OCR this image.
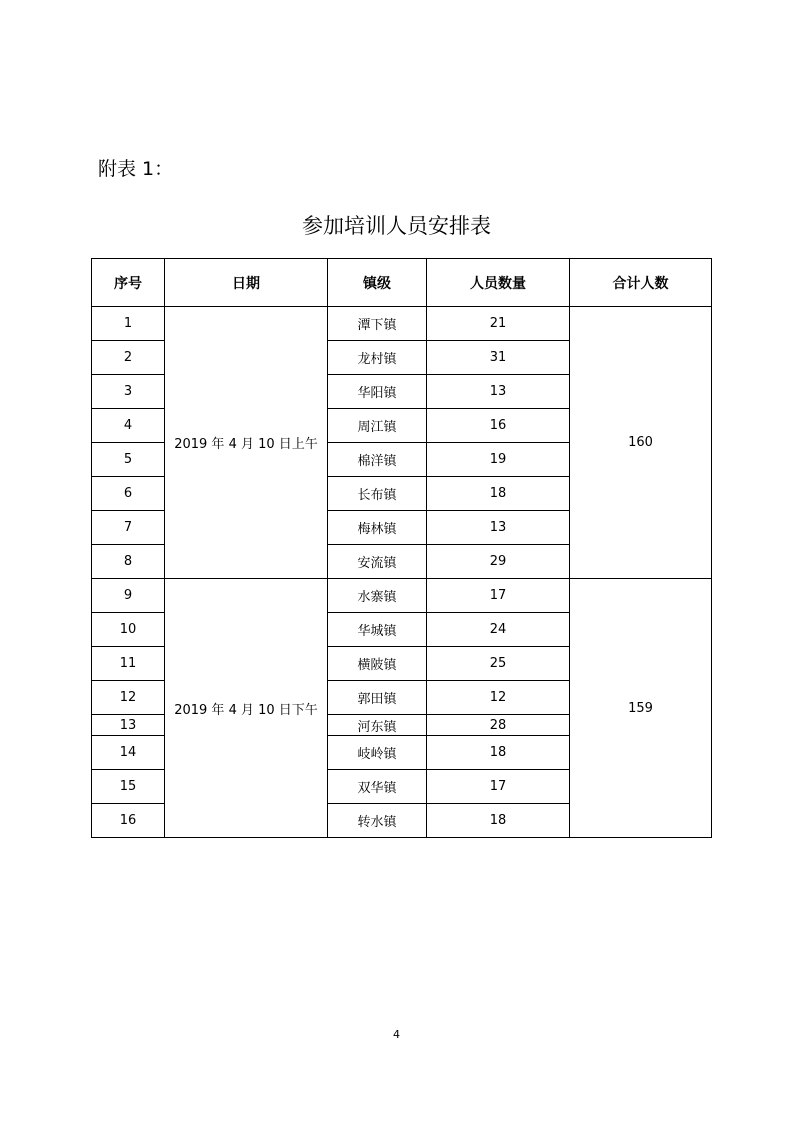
附表 1：
参加培训人员安排表
序号	日期	镇级	人员数量	合计人数
1	2019 年 4 月 10 日上午	潭下镇	21	160
2		龙村镇	31	
3		华阳镇	13	
4		周江镇	16	
5		棉洋镇	19	
6		长布镇	18	
7		梅林镇	13	
8		安流镇	29	
9	2019 年 4 月 10 日下午	水寨镇	17	159
10		华城镇	24	
11		横陂镇	25	
12		郭田镇	12	
13		河东镇	28	
14		岐岭镇	18	
15		双华镇	17	
16		转水镇	18	
4
